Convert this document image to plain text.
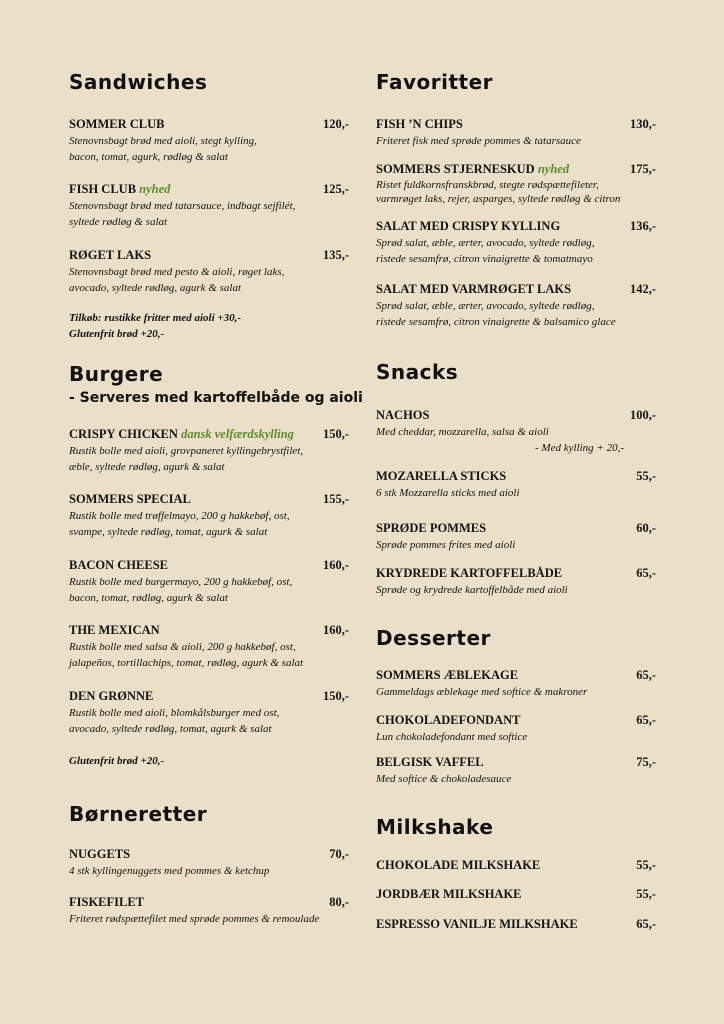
Sandwiches
SOMMER CLUB	120,-
Stenovnsbagt brød med aioli, stegt kylling,
bacon, tomat, agurk, rødløg & salat
FISH CLUB nyhed	125,-
Stenovnsbagt brød med tatarsauce, indbagt sejfilét,
syltede rødløg & salat
RØGET LAKS	135,-
Stenovnsbagt brød med pesto & aioli, røget laks,
avocado, syltede rødløg, agurk & salat
Tilkøb: rustikke fritter med aioli +30,-
Glutenfrit brød +20,-
Burgere
- Serveres med kartoffelbåde og aioli
CRISPY CHICKEN dansk velfærdskylling	150,-
Rustik bolle med aioli, grovpaneret kyllingebrystfilet,
æble, syltede rødløg, agurk & salat
SOMMERS SPECIAL	155,-
Rustik bolle med trøffelmayo, 200 g hakkebøf, ost,
svampe, syltede rødløg, tomat, agurk & salat
BACON CHEESE	160,-
Rustik bolle med burgermayo, 200 g hakkebøf, ost,
bacon, tomat, rødløg, agurk & salat
THE MEXICAN	160,-
Rustik bolle med salsa & aioli, 200 g hakkebøf, ost,
jalapeños, tortillachips, tomat, rødløg, agurk & salat
DEN GRØNNE	150,-
Rustik bolle med aioli, blomkålsburger med ost,
avocado, syltede rødløg, tomat, agurk & salat
Glutenfrit brød +20,-
Børneretter
NUGGETS	70,-
4 stk kyllingenuggets med pommes & ketchup
FISKEFILET	80,-
Friteret rødspættefilet med sprøde pommes & remoulade
Favoritter
FISH ’N CHIPS	130,-
Friteret fisk med sprøde pommes & tatarsauce
SOMMERS STJERNESKUD nyhed	175,-
Ristet fuldkornsfranskbrød, stegte rødspættefileter,
varmrøget laks, rejer, asparges, syltede rødløg & citron
SALAT MED CRISPY KYLLING	136,-
Sprød salat, æble, ærter, avocado, syltede rødløg,
ristede sesamfrø, citron vinaigrette & tomatmayo
SALAT MED VARMRØGET LAKS	142,-
Sprød salat, æble, ærter, avocado, syltede rødløg,
ristede sesamfrø, citron vinaigrette & balsamico glace
Snacks
NACHOS	100,-
Med cheddar, mozzarella, salsa & aioli
- Med kylling + 20,-
MOZARELLA STICKS	55,-
6 stk Mozzarella sticks med aioli
SPRØDE POMMES	60,-
Sprøde pommes frites med aioli
KRYDREDE KARTOFFELBÅDE	65,-
Sprøde og krydrede kartoffelbåde med aioli
Desserter
SOMMERS ÆBLEKAGE	65,-
Gammeldags æblekage med softice & makroner
CHOKOLADEFONDANT	65,-
Lun chokoladefondant med softice
BELGISK VAFFEL	75,-
Med softice & chokoladesauce
Milkshake
CHOKOLADE MILKSHAKE	55,-
JORDBÆR MILKSHAKE	55,-
ESPRESSO VANILJE MILKSHAKE	65,-
